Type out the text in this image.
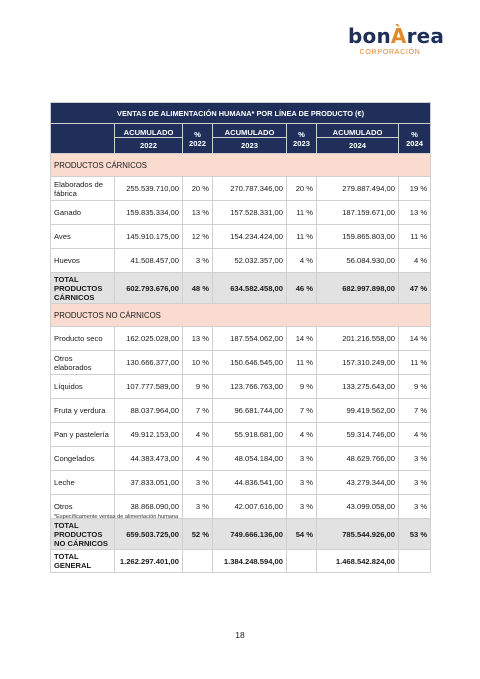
bonÀrea
CORPORACIÓN
VENTAS DE ALIMENTACIÓN HUMANA* POR LÍNEA DE PRODUCTO (€)						
	ACUMULADO	% 2022	ACUMULADO	% 2023	ACUMULADO	% 2024
	2022		2023		2024	
PRODUCTOS CÁRNICOS						
Elaborados de fábrica	255.539.710,00	20 %	270.787.346,00	20 %	279.887.494,00	19 %
Ganado	159.835.334,00	13 %	157.528.331,00	11 %	187.159.671,00	13 %
Aves	145.910.175,00	12 %	154.234.424,00	11 %	159.865.803,00	11 %
Huevos	41.508.457,00	3 %	52.032.357,00	4 %	56.084.930,00	4 %
TOTAL PRODUCTOS CÁRNICOS	602.793.676,00	48 %	634.582.458,00	46 %	682.997.898,00	47 %
PRODUCTOS NO CÁRNICOS						
Producto seco	162.025.028,00	13 %	187.554.062,00	14 %	201.216.558,00	14 %
Otros elaborados	130.666.377,00	10 %	150.646.545,00	11 %	157.310.249,00	11 %
Líquidos	107.777.589,00	9 %	123.766.763,00	9 %	133.275.643,00	9 %
Fruta y verdura	88.037.964,00	7 %	96.681.744,00	7 %	99.419.562,00	7 %
Pan y pastelería	49.912.153,00	4 %	55.918.681,00	4 %	59.314.746,00	4 %
Congelados	44.383.473,00	4 %	48.054.184,00	3 %	48.629.766,00	3 %
Leche	37.833.051,00	3 %	44.836.541,00	3 %	43.279.344,00	3 %
Otros	38.868.090,00	3 %	42.007.616,00	3 %	43.099.058,00	3 %
TOTAL PRODUCTOS NO CÁRNICOS	659.503.725,00	52 %	749.666.136,00	54 %	785.544.926,00	53 %
TOTAL GENERAL	1.262.297.401,00		1.384.248.594,00		1.468.542.824,00	
*Específicamente ventas de alimentación humana
18
